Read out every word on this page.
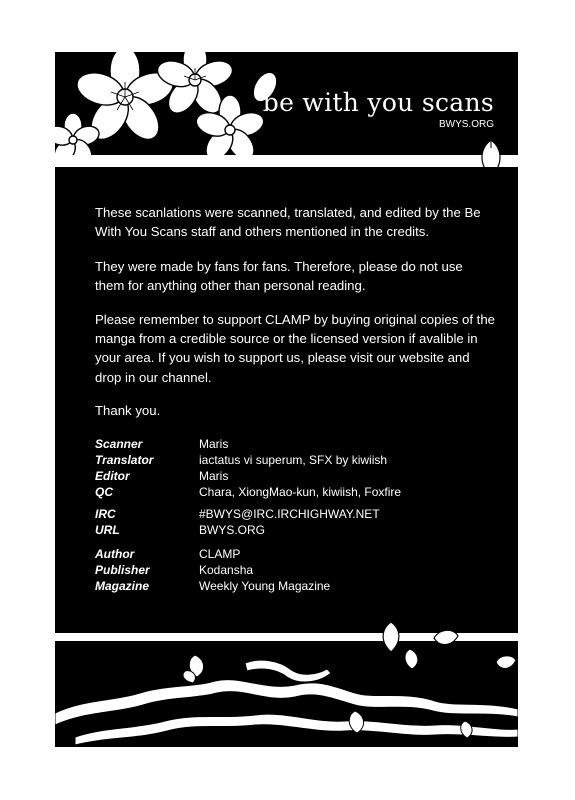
be with you scans
BWYS.ORG

These scanlations were scanned, translated, and edited by the Be With You Scans staff and others mentioned in the credits.

They were made by fans for fans. Therefore, please do not use them for anything other than personal reading.

Please remember to support CLAMP by buying original copies of the manga from a credible source or the licensed version if avalible in your area. If you wish to support us, please visit our website and drop in our channel.

Thank you.

Scanner	Maris
Translator	iactatus vi superum, SFX by kiwiish
Editor	Maris
QC	Chara, XiongMao-kun, kiwiish, Foxfire
IRC	#BWYS@IRC.IRCHIGHWAY.NET
URL	BWYS.ORG
Author	CLAMP
Publisher	Kodansha
Magazine	Weekly Young Magazine
